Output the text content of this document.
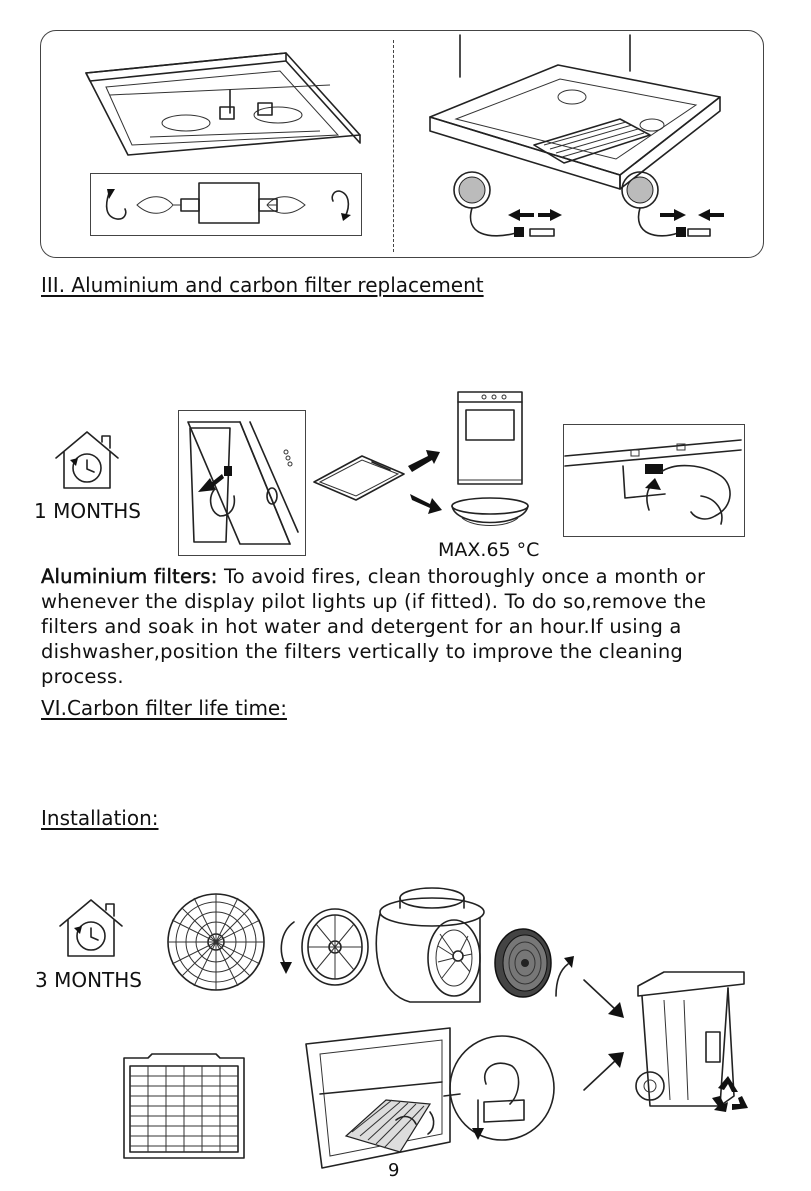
III. Aluminium and carbon filter replacement
1 MONTHS
MAX.65 °C
Aluminium filters: To avoid fires, clean thoroughly once a month or whenever the display pilot lights up (if fitted). To do so,remove the filters and soak in hot water and detergent for an hour.If using a dishwasher,position the filters vertically to improve the cleaning process.
VI.Carbon filter life time:
Installation:
3 MONTHS
9
